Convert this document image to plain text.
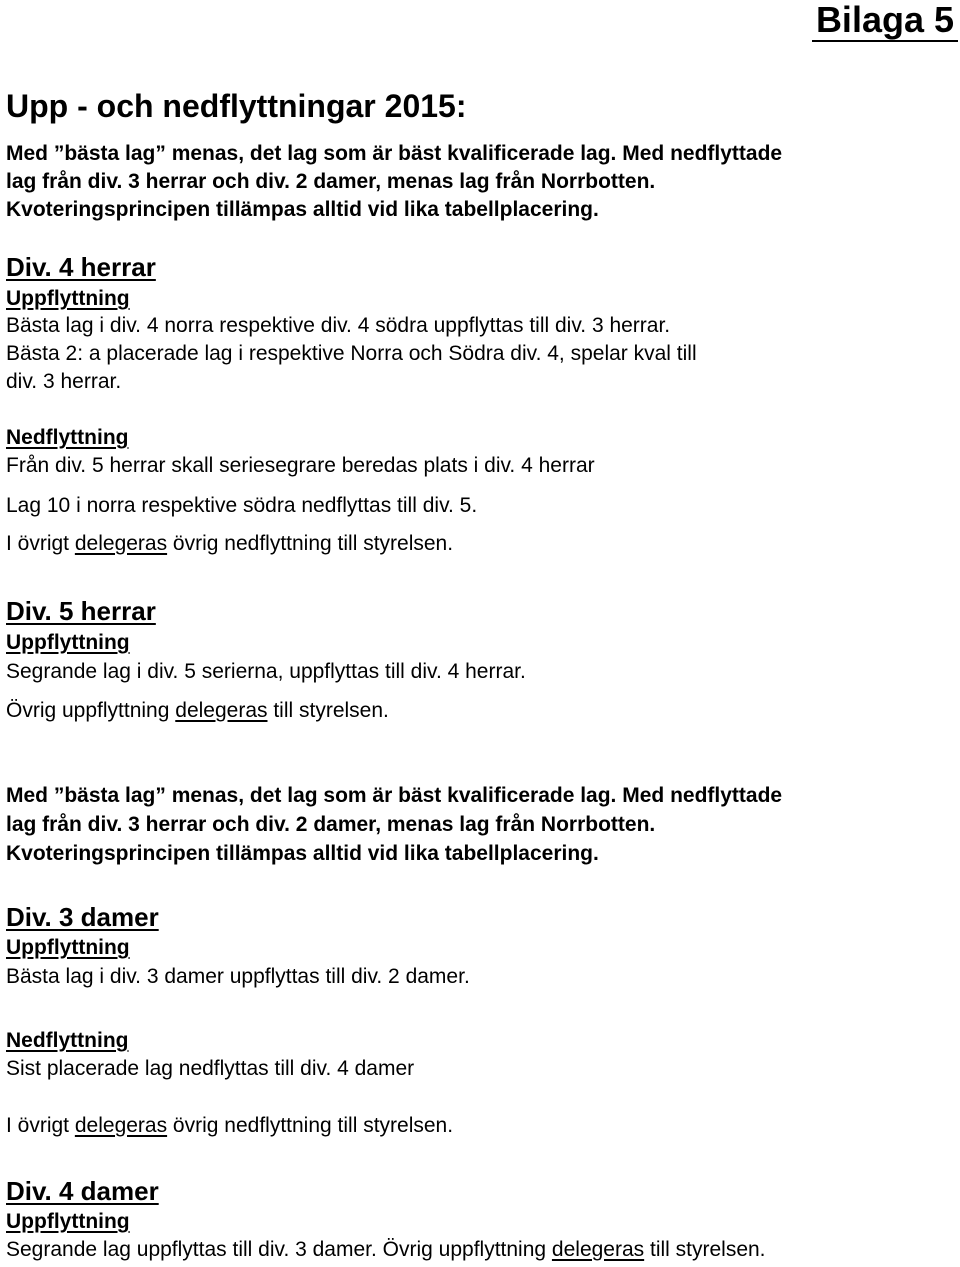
Bilaga 5
Upp - och nedflyttningar 2015:
Med ”bästa lag” menas, det lag som är bäst kvalificerade lag. Med nedflyttade
lag från div. 3 herrar och div. 2 damer, menas lag från Norrbotten.
Kvoteringsprincipen tillämpas alltid vid lika tabellplacering.
Div. 4 herrar
Uppflyttning
Bästa lag i div. 4 norra respektive div. 4 södra uppflyttas till div. 3 herrar.
Bästa 2: a placerade lag i respektive Norra och Södra div. 4, spelar kval till
div. 3 herrar.
Nedflyttning
Från div. 5 herrar skall seriesegrare beredas plats i div. 4 herrar
Lag 10 i norra respektive södra nedflyttas till div. 5.
I övrigt delegeras övrig nedflyttning till styrelsen.
Div. 5 herrar
Uppflyttning
Segrande lag i div. 5 serierna, uppflyttas till div. 4 herrar.
Övrig uppflyttning delegeras till styrelsen.
Med ”bästa lag” menas, det lag som är bäst kvalificerade lag. Med nedflyttade
lag från div. 3 herrar och div. 2 damer, menas lag från Norrbotten.
Kvoteringsprincipen tillämpas alltid vid lika tabellplacering.
Div. 3 damer
Uppflyttning
Bästa lag i div. 3 damer uppflyttas till div. 2 damer.
Nedflyttning
Sist placerade lag nedflyttas till div. 4 damer
I övrigt delegeras övrig nedflyttning till styrelsen.
Div. 4 damer
Uppflyttning
Segrande lag uppflyttas till div. 3 damer. Övrig uppflyttning delegeras till styrelsen.
